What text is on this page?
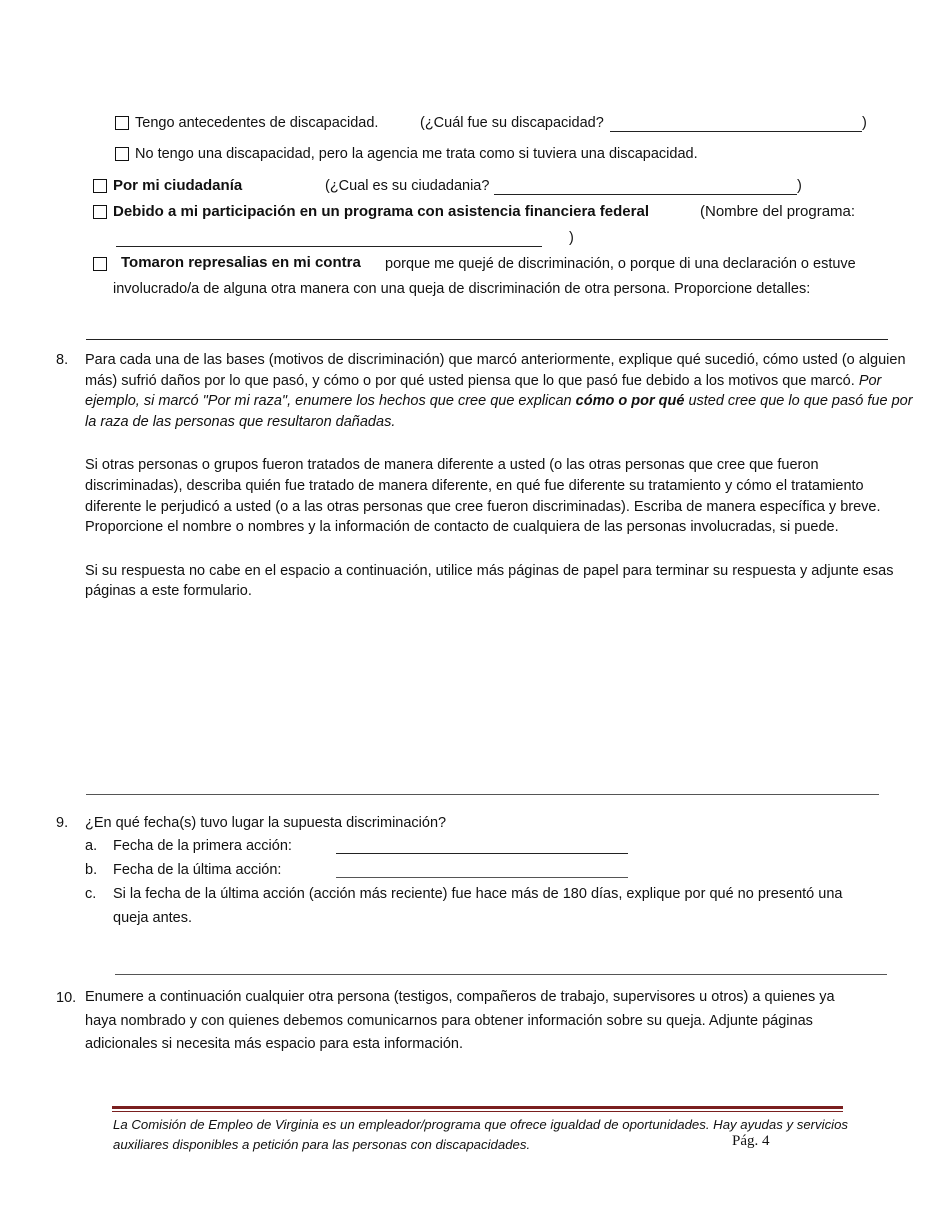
Tengo antecedentes de discapacidad.	(¿Cuál fue su discapacidad?	)
No tengo una discapacidad, pero la agencia me trata como si tuviera una discapacidad.
Por mi ciudadanía	(¿Cual es su ciudadania?	)
Debido a mi participación en un programa con asistencia financiera federal	(Nombre del programa:
)
Tomaron represalias en mi contra porque me quejé de discriminación, o porque di una declaración o estuve
involucrado/a de alguna otra manera con una queja de discriminación de otra persona. Proporcione detalles:
8. Para cada una de las bases (motivos de discriminación) que marcó anteriormente, explique qué sucedió, cómo usted (o alguien más) sufrió daños por lo que pasó, y cómo o por qué usted piensa que lo que pasó fue debido a los motivos que marcó. Por ejemplo, si marcó "Por mi raza", enumere los hechos que cree que explican cómo o por qué usted cree que lo que pasó fue por la raza de las personas que resultaron dañadas.

Si otras personas o grupos fueron tratados de manera diferente a usted (o las otras personas que cree que fueron discriminadas), describa quién fue tratado de manera diferente, en qué fue diferente su tratamiento y cómo el tratamiento diferente le perjudicó a usted (o a las otras personas que cree fueron discriminadas). Escriba de manera específica y breve. Proporcione el nombre o nombres y la información de contacto de cualquiera de las personas involucradas, si puede.

Si su respuesta no cabe en el espacio a continuación, utilice más páginas de papel para terminar su respuesta y adjunte esas páginas a este formulario.

9. ¿En qué fecha(s) tuvo lugar la supuesta discriminación?
a. Fecha de la primera acción:
b. Fecha de la última acción:
c. Si la fecha de la última acción (acción más reciente) fue hace más de 180 días, explique por qué no presentó una
queja antes.
10. Enumere a continuación cualquier otra persona (testigos, compañeros de trabajo, supervisores u otros) a quienes ya
haya nombrado y con quienes debemos comunicarnos para obtener información sobre su queja. Adjunte páginas
adicionales si necesita más espacio para esta información.
La Comisión de Empleo de Virginia es un empleador/programa que ofrece igualdad de oportunidades. Hay ayudas y servicios
auxiliares disponibles a petición para las personas con discapacidades.	Pág. 4
